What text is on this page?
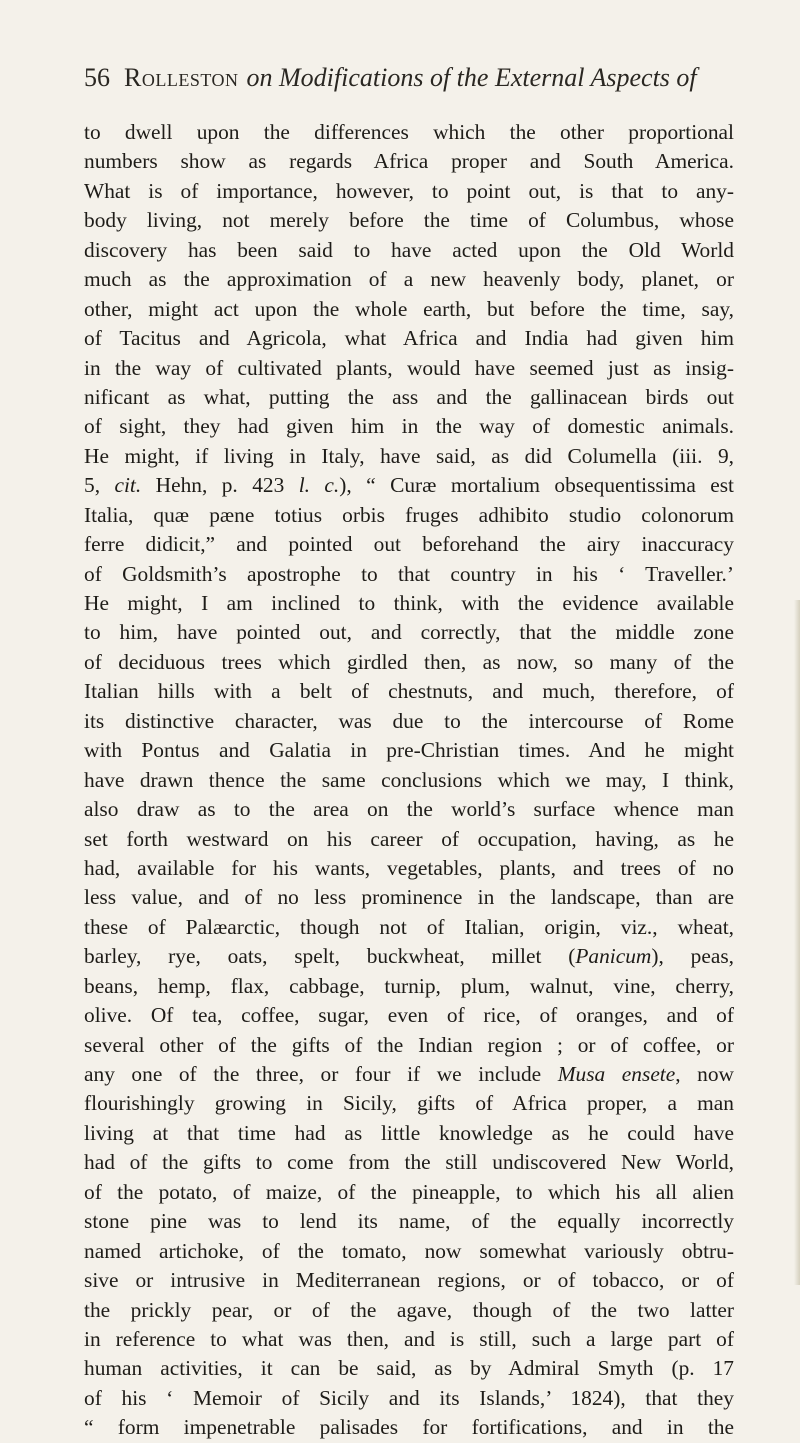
56 Rolleston on Modifications of the External Aspects of
to dwell upon the differences which the other proportional
numbers show as regards Africa proper and South America.
What is of importance, however, to point out, is that to any-
body living, not merely before the time of Columbus, whose
discovery has been said to have acted upon the Old World
much as the approximation of a new heavenly body, planet, or
other, might act upon the whole earth, but before the time, say,
of Tacitus and Agricola, what Africa and India had given him
in the way of cultivated plants, would have seemed just as insig-
nificant as what, putting the ass and the gallinacean birds out
of sight, they had given him in the way of domestic animals.
He might, if living in Italy, have said, as did Columella (iii. 9,
5, cit. Hehn, p. 423 l. c.), “ Curæ mortalium obsequentissima est
Italia, quæ pæne totius orbis fruges adhibito studio colonorum
ferre didicit,” and pointed out beforehand the airy inaccuracy
of Goldsmith’s apostrophe to that country in his ‘ Traveller.’
He might, I am inclined to think, with the evidence available
to him, have pointed out, and correctly, that the middle zone
of deciduous trees which girdled then, as now, so many of the
Italian hills with a belt of chestnuts, and much, therefore, of
its distinctive character, was due to the intercourse of Rome
with Pontus and Galatia in pre-Christian times. And he might
have drawn thence the same conclusions which we may, I think,
also draw as to the area on the world’s surface whence man
set forth westward on his career of occupation, having, as he
had, available for his wants, vegetables, plants, and trees of no
less value, and of no less prominence in the landscape, than are
these of Palæarctic, though not of Italian, origin, viz., wheat,
barley, rye, oats, spelt, buckwheat, millet (Panicum), peas,
beans, hemp, flax, cabbage, turnip, plum, walnut, vine, cherry,
olive. Of tea, coffee, sugar, even of rice, of oranges, and of
several other of the gifts of the Indian region ; or of coffee, or
any one of the three, or four if we include Musa ensete, now
flourishingly growing in Sicily, gifts of Africa proper, a man
living at that time had as little knowledge as he could have
had of the gifts to come from the still undiscovered New World,
of the potato, of maize, of the pineapple, to which his all alien
stone pine was to lend its name, of the equally incorrectly
named artichoke, of the tomato, now somewhat variously obtru-
sive or intrusive in Mediterranean regions, or of tobacco, or of
the prickly pear, or of the agave, though of the two latter
in reference to what was then, and is still, such a large part of
human activities, it can be said, as by Admiral Smyth (p. 17
of his ‘ Memoir of Sicily and its Islands,’ 1824), that they
“ form impenetrable palisades for fortifications, and in the
